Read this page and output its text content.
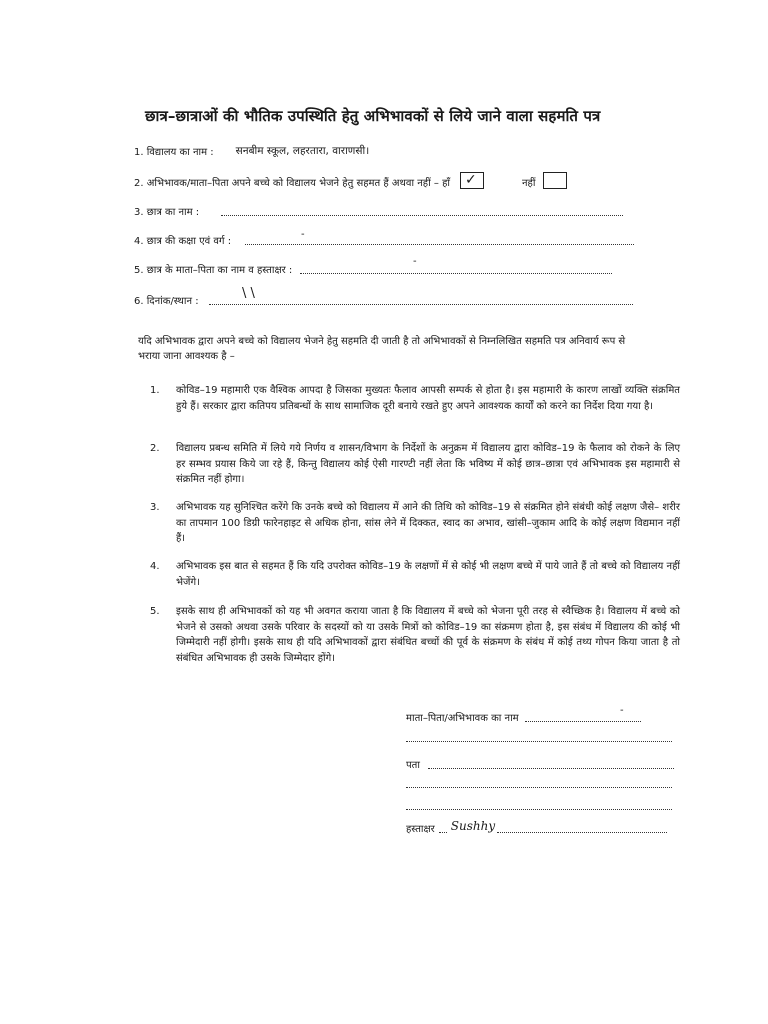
छात्र–छात्राओं की भौतिक उपस्थिति हेतु अभिभावकों से लिये जाने वाला सहमति पत्र
1. विद्यालय का नाम : सनबीम स्कूल, लहरतारा, वाराणसी।
2. अभिभावक/माता–पिता अपने बच्चे को विद्यालय भेजने हेतु सहमत हैं अथवा नहीं – हाँ ✓	नहीं
3. छात्र का नाम :
4. छात्र की कक्षा एवं वर्ग :
-
5. छात्र के माता–पिता का नाम व हस्ताक्षर :
-
6. दिनांक/स्थान :
\ \
यदि अभिभावक द्वारा अपने बच्चे को विद्यालय भेजने हेतु सहमति दी जाती है तो अभिभावकों से निम्नलिखित सहमति पत्र अनिवार्य रूप से भराया जाना आवश्यक है –
1.	कोविड–19 महामारी एक वैश्विक आपदा है जिसका मुख्यतः फैलाव आपसी सम्पर्क से होता है। इस महामारी के कारण लाखों व्यक्ति संक्रमित हुये हैं। सरकार द्वारा कतिपय प्रतिबन्धों के साथ सामाजिक दूरी बनाये रखते हुए अपने आवश्यक कार्यों को करने का निर्देश दिया गया है।
2.	विद्यालय प्रबन्ध समिति में लिये गये निर्णय व शासन/विभाग के निर्देशों के अनुक्रम में विद्यालय द्वारा कोविड–19 के फैलाव को रोकने के लिए हर सम्भव प्रयास किये जा रहे हैं, किन्तु विद्यालय कोई ऐसी गारण्टी नहीं लेता कि भविष्य में कोई छात्र–छात्रा एवं अभिभावक इस महामारी से संक्रमित नहीं होगा।
3.	अभिभावक यह सुनिश्चित करेंगे कि उनके बच्चे को विद्यालय में आने की तिथि को कोविड–19 से संक्रमित होने संबंधी कोई लक्षण जैसे– शरीर का तापमान 100 डिग्री फारेनहाइट से अधिक होना, सांस लेने में दिक्कत, स्वाद का अभाव, खांसी–जुकाम आदि के कोई लक्षण विद्यमान नहीं हैं।
4.	अभिभावक इस बात से सहमत हैं कि यदि उपरोक्त कोविड–19 के लक्षणों में से कोई भी लक्षण बच्चे में पाये जाते हैं तो बच्चे को विद्यालय नहीं भेजेंगे।
5.	इसके साथ ही अभिभावकों को यह भी अवगत कराया जाता है कि विद्यालय में बच्चे को भेजना पूरी तरह से स्वैच्छिक है। विद्यालय में बच्चे को भेजने से उसको अथवा उसके परिवार के सदस्यों को या उसके मित्रों को कोविड–19 का संक्रमण होता है, इस संबंध में विद्यालय की कोई भी जिम्मेदारी नहीं होगी। इसके साथ ही यदि अभिभावकों द्वारा संबंधित बच्चों की पूर्व के संक्रमण के संबंध में कोई तथ्य गोपन किया जाता है तो संबंधित अभिभावक ही उसके जिम्मेदार होंगे।
माता–पिता/अभिभावक का नाम
-
पता
हस्ताक्षर Sushhy
